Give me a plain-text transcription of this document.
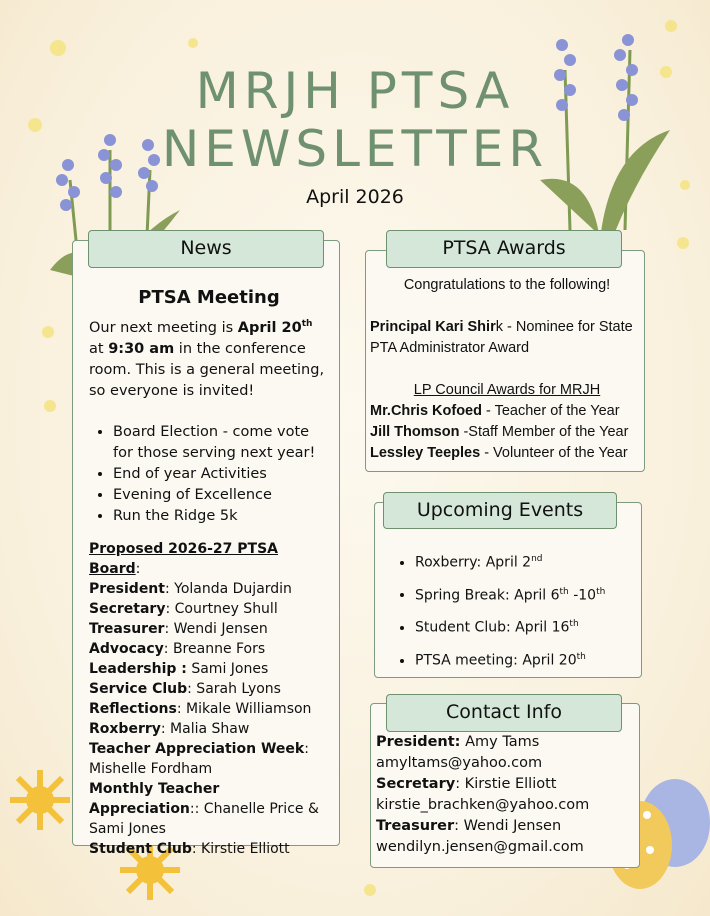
MRJH PTSA
NEWSLETTER
April 2026
PTSA Meeting
Our next meeting is April 20th at 9:30 am in the conference room. This is a general meeting, so everyone is invited!
• Board Election - come vote for those serving next year!
• End of year Activities
• Evening of Excellence
• Run the Ridge 5k
Proposed 2026-27 PTSA Board:
President: Yolanda Dujardin
Secretary: Courtney Shull
Treasurer: Wendi Jensen
Advocacy: Breanne Fors
Leadership : Sami Jones
Service Club: Sarah Lyons
Reflections: Mikale Williamson
Roxberry: Malia Shaw
Teacher Appreciation Week: Mishelle Fordham
Monthly Teacher Appreciation:: Chanelle Price & Sami Jones
Student Club: Kirstie Elliott
News
Congratulations to the following!
Principal Kari Shirk - Nominee for State PTA Administrator Award
LP Council Awards for MRJH
Mr.Chris Kofoed - Teacher of the Year
Jill Thomson -Staff Member of the Year
Lessley Teeples - Volunteer of the Year
PTSA Awards
• Roxberry: April 2nd
• Spring Break: April 6th -10th
• Student Club: April 16th
• PTSA meeting: April 20th
Upcoming Events
President: Amy Tams
amyltams@yahoo.com
Secretary: Kirstie Elliott
kirstie_brachken@yahoo.com
Treasurer: Wendi Jensen
wendilyn.jensen@gmail.com
Contact Info
